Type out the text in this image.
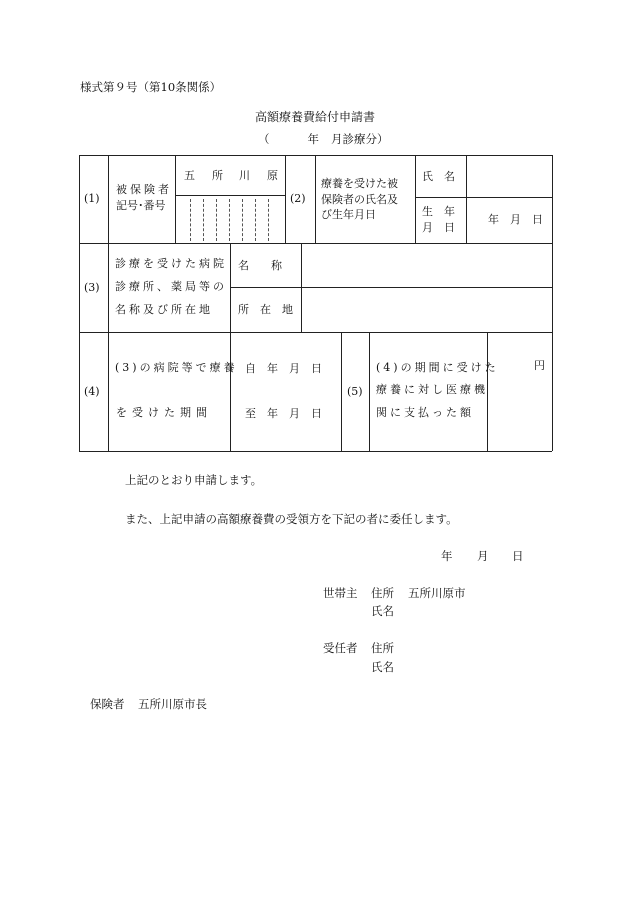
様式第９号（第10条関係）
高額療養費給付申請書
（	年 月診療分）
(1)
被保険者
記号･番号
五 所 川 原
(2)
療養を受けた被
保険者の氏名及
び生年月日
氏　名
生　年
月　日
年　月　日
(3)
診療を受けた病院
診療所、薬局等の
名称及び所在地
名　　称
所　在　地
(4)
(3)の病院等で療養
を受けた期間
自　年　月　日
至　年　月　日
(5)
(4)の期間に受けた
療養に対し医療機
関に支払った額
円
上記のとおり申請します。
また、上記申請の高額療養費の受領方を下記の者に委任します。
年 月 日
世帯主 住所 五所川原市
氏名
受任者 住所
氏名
保険者 五所川原市長
